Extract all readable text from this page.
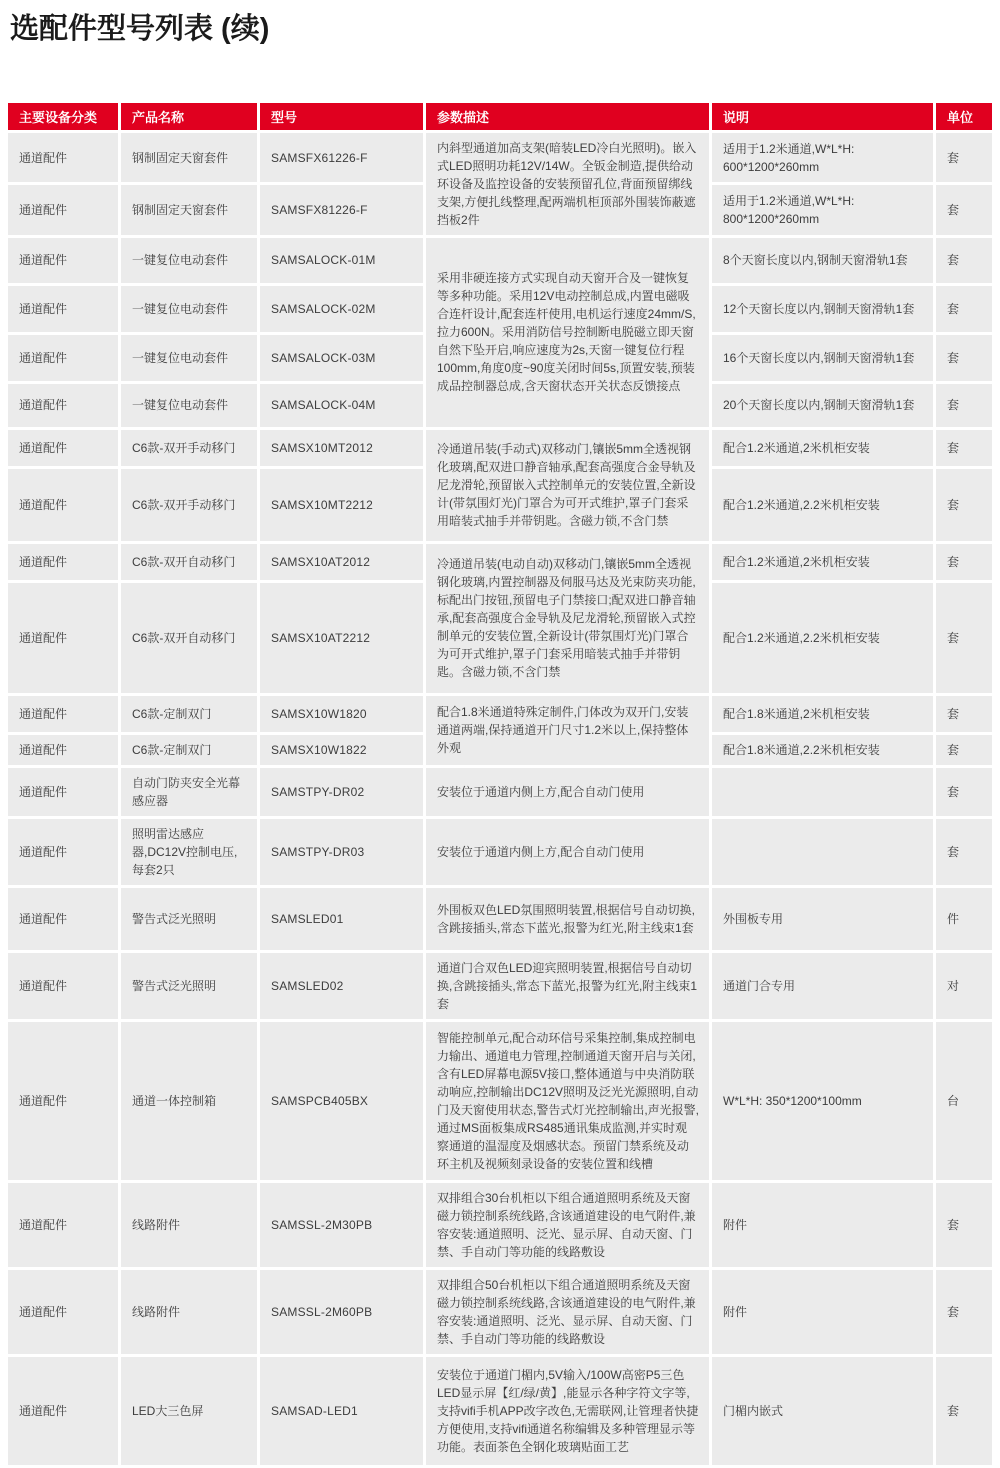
选配件型号列表 (续)
主要设备分类	产品名称	型号	参数描述	说明	单位
通道配件	钢制固定天窗套件	SAMSFX61226-F	内斜型通道加高支架(暗装LED冷白光照明)。嵌入式LED照明功耗12V/14W。全钣金制造,提供给动环设备及监控设备的安装预留孔位,背面预留绑线支架,方便扎线整理,配两端机柜顶部外围装饰蔽遮挡板2件	适用于1.2米通道,W*L*H: 600*1200*260mm	套
通道配件	钢制固定天窗套件	SAMSFX81226-F		适用于1.2米通道,W*L*H: 800*1200*260mm	套
通道配件	一键复位电动套件	SAMSALOCK-01M	采用非硬连接方式实现自动天窗开合及一键恢复等多种功能。采用12V电动控制总成,内置电磁吸合连杆设计,配套连杆使用,电机运行速度24mm/S,拉力600N。采用消防信号控制断电脱磁立即天窗自然下坠开启,响应速度为2s,天窗一键复位行程100mm,角度0度~90度关闭时间5s,顶置安装,预装成品控制器总成,含天窗状态开关状态反馈接点	8个天窗长度以内,钢制天窗滑轨1套	套
通道配件	一键复位电动套件	SAMSALOCK-02M		12个天窗长度以内,钢制天窗滑轨1套	套
通道配件	一键复位电动套件	SAMSALOCK-03M		16个天窗长度以内,钢制天窗滑轨1套	套
通道配件	一键复位电动套件	SAMSALOCK-04M		20个天窗长度以内,钢制天窗滑轨1套	套
通道配件	C6款-双开手动移门	SAMSX10MT2012	冷通道吊装(手动式)双移动门,镶嵌5mm全透视钢化玻璃,配双进口静音轴承,配套高强度合金导轨及尼龙滑轮,预留嵌入式控制单元的安装位置,全新设计(带氛围灯光)门罩合为可开式维护,罩子门套采用暗装式抽手并带钥匙。含磁力锁,不含门禁	配合1.2米通道,2米机柜安装	套
通道配件	C6款-双开手动移门	SAMSX10MT2212		配合1.2米通道,2.2米机柜安装	套
通道配件	C6款-双开自动移门	SAMSX10AT2012	冷通道吊装(电动自动)双移动门,镶嵌5mm全透视钢化玻璃,内置控制器及伺服马达及光束防夹功能,标配出门按钮,预留电子门禁接口;配双进口静音轴承,配套高强度合金导轨及尼龙滑轮,预留嵌入式控制单元的安装位置,全新设计(带氛围灯光)门罩合为可开式维护,罩子门套采用暗装式抽手并带钥匙。含磁力锁,不含门禁	配合1.2米通道,2米机柜安装	套
通道配件	C6款-双开自动移门	SAMSX10AT2212		配合1.2米通道,2.2米机柜安装	套
通道配件	C6款-定制双门	SAMSX10W1820	配合1.8米通道特殊定制件,门体改为双开门,安装通道两端,保持通道开门尺寸1.2米以上,保持整体外观	配合1.8米通道,2米机柜安装	套
通道配件	C6款-定制双门	SAMSX10W1822		配合1.8米通道,2.2米机柜安装	套
通道配件	自动门防夹安全光幕感应器	SAMSTPY-DR02	安装位于通道内侧上方,配合自动门使用		套
通道配件	照明雷达感应器,DC12V控制电压,每套2只	SAMSTPY-DR03	安装位于通道内侧上方,配合自动门使用		套
通道配件	警告式泛光照明	SAMSLED01	外围板双色LED氛围照明装置,根据信号自动切换,含跳接插头,常态下蓝光,报警为红光,附主线束1套	外围板专用	件
通道配件	警告式泛光照明	SAMSLED02	通道门合双色LED迎宾照明装置,根据信号自动切换,含跳接插头,常态下蓝光,报警为红光,附主线束1套	通道门合专用	对
通道配件	通道一体控制箱	SAMSPCB405BX	智能控制单元,配合动环信号采集控制,集成控制电力输出、通道电力管理,控制通道天窗开启与关闭,含有LED屏幕电源5V接口,整体通道与中央消防联动响应,控制输出DC12V照明及泛光光源照明,自动门及天窗使用状态,警告式灯光控制输出,声光报警,通过MS面板集成RS485通讯集成监测,并实时观察通道的温湿度及烟感状态。预留门禁系统及动环主机及视频刻录设备的安装位置和线槽	W*L*H: 350*1200*100mm	台
通道配件	线路附件	SAMSSL-2M30PB	双排组合30台机柜以下组合通道照明系统及天窗磁力锁控制系统线路,含该通道建设的电气附件,兼容安装:通道照明、泛光、显示屏、自动天窗、门禁、手自动门等功能的线路敷设	附件	套
通道配件	线路附件	SAMSSL-2M60PB	双排组合50台机柜以下组合通道照明系统及天窗磁力锁控制系统线路,含该通道建设的电气附件,兼容安装:通道照明、泛光、显示屏、自动天窗、门禁、手自动门等功能的线路敷设	附件	套
通道配件	LED大三色屏	SAMSAD-LED1	安装位于通道门楣内,5V输入/100W高密P5三色LED显示屏【红/绿/黄】,能显示各种字符文字等,支持vifi手机APP改字改色,无需联网,让管理者快捷方便使用,支持vifi通道名称编辑及多种管理显示等功能。表面茶色全钢化玻璃贴面工艺	门楣内嵌式	套
